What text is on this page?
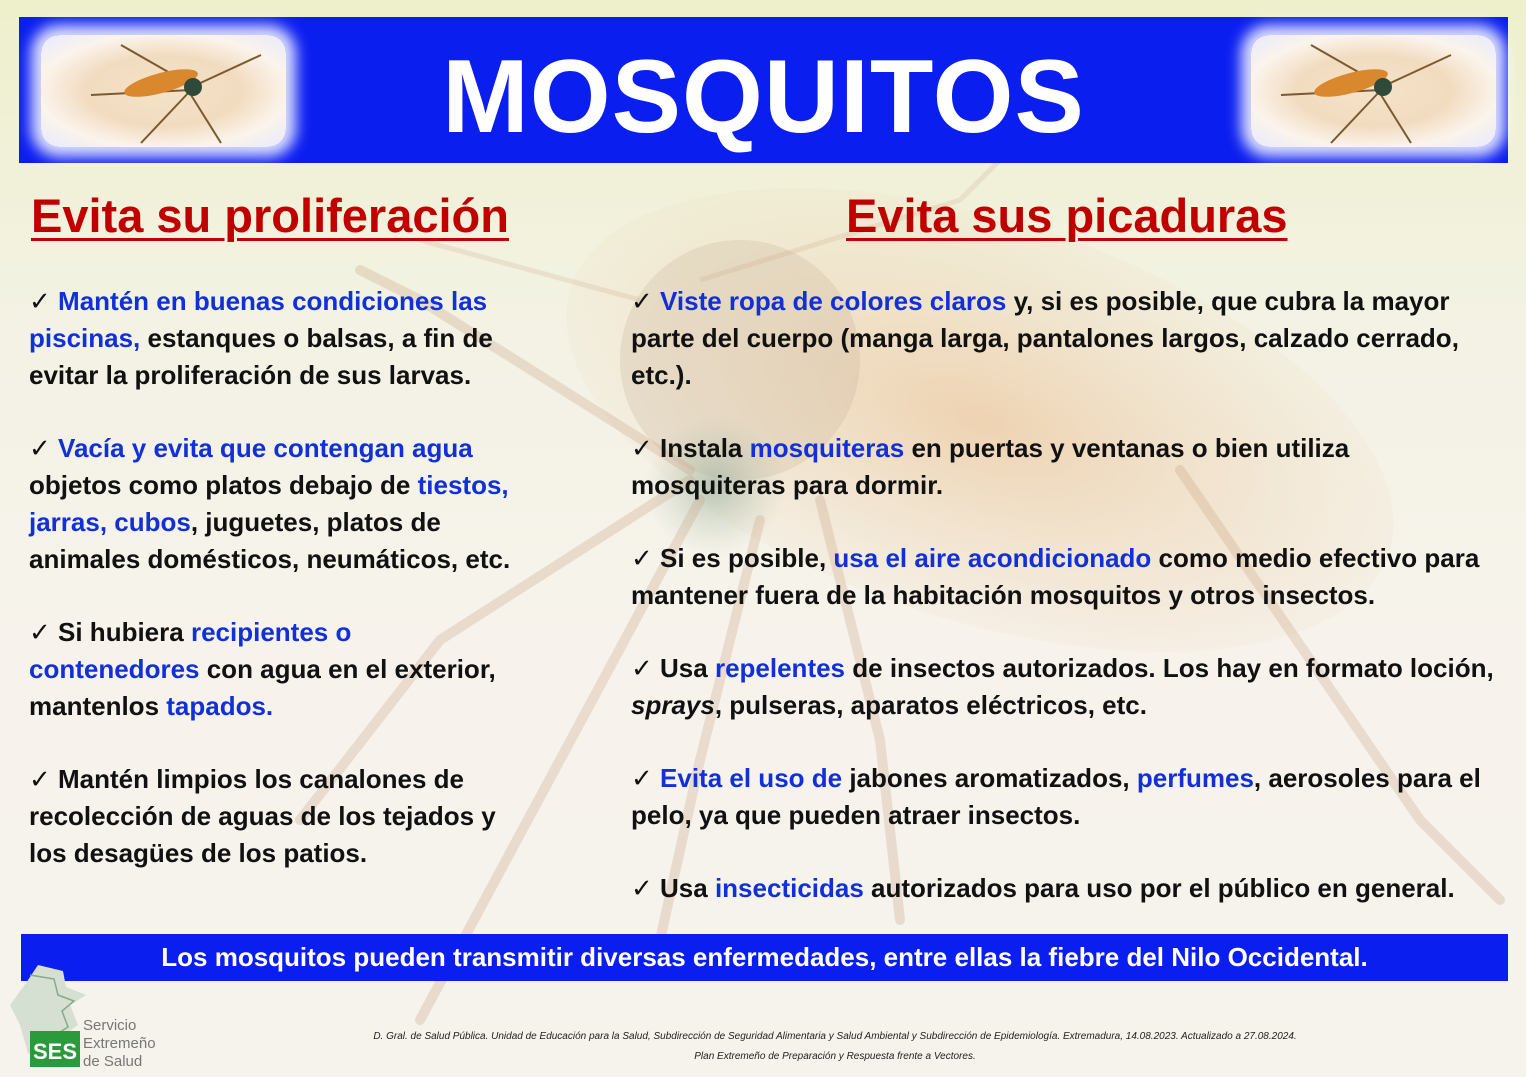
MOSQUITOS
Evita su proliferación	Evita sus picaduras
✓ Mantén en buenas condiciones las piscinas, estanques o balsas, a fin de evitar la proliferación de sus larvas.
✓ Vacía y evita que contengan agua objetos como platos debajo de tiestos, jarras, cubos, juguetes, platos de animales domésticos, neumáticos, etc.
✓ Si hubiera recipientes o contenedores con agua en el exterior, mantenlos tapados.
✓ Mantén limpios los canalones de recolección de aguas de los tejados y los desagües de los patios.
✓ Viste ropa de colores claros y, si es posible, que cubra la mayor parte del cuerpo (manga larga, pantalones largos, calzado cerrado, etc.).
✓ Instala mosquiteras en puertas y ventanas o bien utiliza mosquiteras para dormir.
✓ Si es posible, usa el aire acondicionado como medio efectivo para mantener fuera de la habitación mosquitos y otros insectos.
✓ Usa repelentes de insectos autorizados. Los hay en formato loción, sprays, pulseras, aparatos eléctricos, etc.
✓ Evita el uso de jabones aromatizados, perfumes, aerosoles para el pelo, ya que pueden atraer insectos.
✓ Usa insecticidas autorizados para uso por el público en general.
Los mosquitos pueden transmitir diversas enfermedades, entre ellas la fiebre del Nilo Occidental.
SES
Servicio
Extremeño
de Salud
D. Gral. de Salud Pública. Unidad de Educación para la Salud, Subdirección de Seguridad Alimentaria y Salud Ambiental y Subdirección de Epidemiología. Extremadura, 14.08.2023. Actualizado a 27.08.2024.
Plan Extremeño de Preparación y Respuesta frente a Vectores.
